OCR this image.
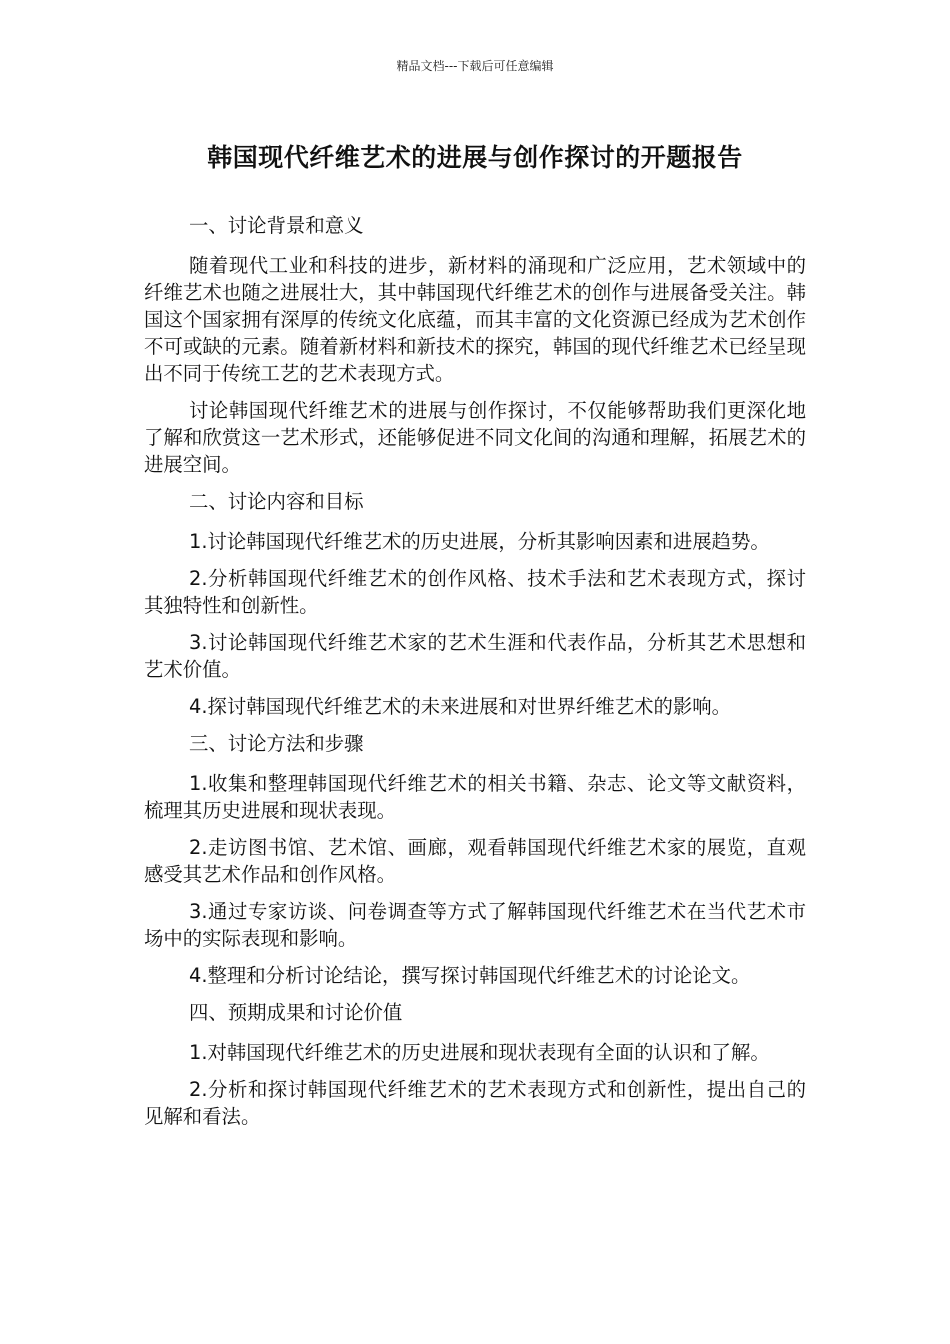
精品文档---下载后可任意编辑
韩国现代纤维艺术的进展与创作探讨的开题报告

一、讨论背景和意义

随着现代工业和科技的进步，新材料的涌现和广泛应用，艺术领域中的纤维艺术也随之进展壮大，其中韩国现代纤维艺术的创作与进展备受关注。韩国这个国家拥有深厚的传统文化底蕴，而其丰富的文化资源已经成为艺术创作不可或缺的元素。随着新材料和新技术的探究，韩国的现代纤维艺术已经呈现出不同于传统工艺的艺术表现方式。

讨论韩国现代纤维艺术的进展与创作探讨，不仅能够帮助我们更深化地了解和欣赏这一艺术形式，还能够促进不同文化间的沟通和理解，拓展艺术的进展空间。

二、讨论内容和目标

1.讨论韩国现代纤维艺术的历史进展，分析其影响因素和进展趋势。

2.分析韩国现代纤维艺术的创作风格、技术手法和艺术表现方式，探讨其独特性和创新性。

3.讨论韩国现代纤维艺术家的艺术生涯和代表作品，分析其艺术思想和艺术价值。

4.探讨韩国现代纤维艺术的未来进展和对世界纤维艺术的影响。

三、讨论方法和步骤

1.收集和整理韩国现代纤维艺术的相关书籍、杂志、论文等文献资料，梳理其历史进展和现状表现。

2.走访图书馆、艺术馆、画廊，观看韩国现代纤维艺术家的展览，直观感受其艺术作品和创作风格。

3.通过专家访谈、问卷调查等方式了解韩国现代纤维艺术在当代艺术市场中的实际表现和影响。

4.整理和分析讨论结论，撰写探讨韩国现代纤维艺术的讨论论文。

四、预期成果和讨论价值

1.对韩国现代纤维艺术的历史进展和现状表现有全面的认识和了解。

2.分析和探讨韩国现代纤维艺术的艺术表现方式和创新性，提出自己的见解和看法。
